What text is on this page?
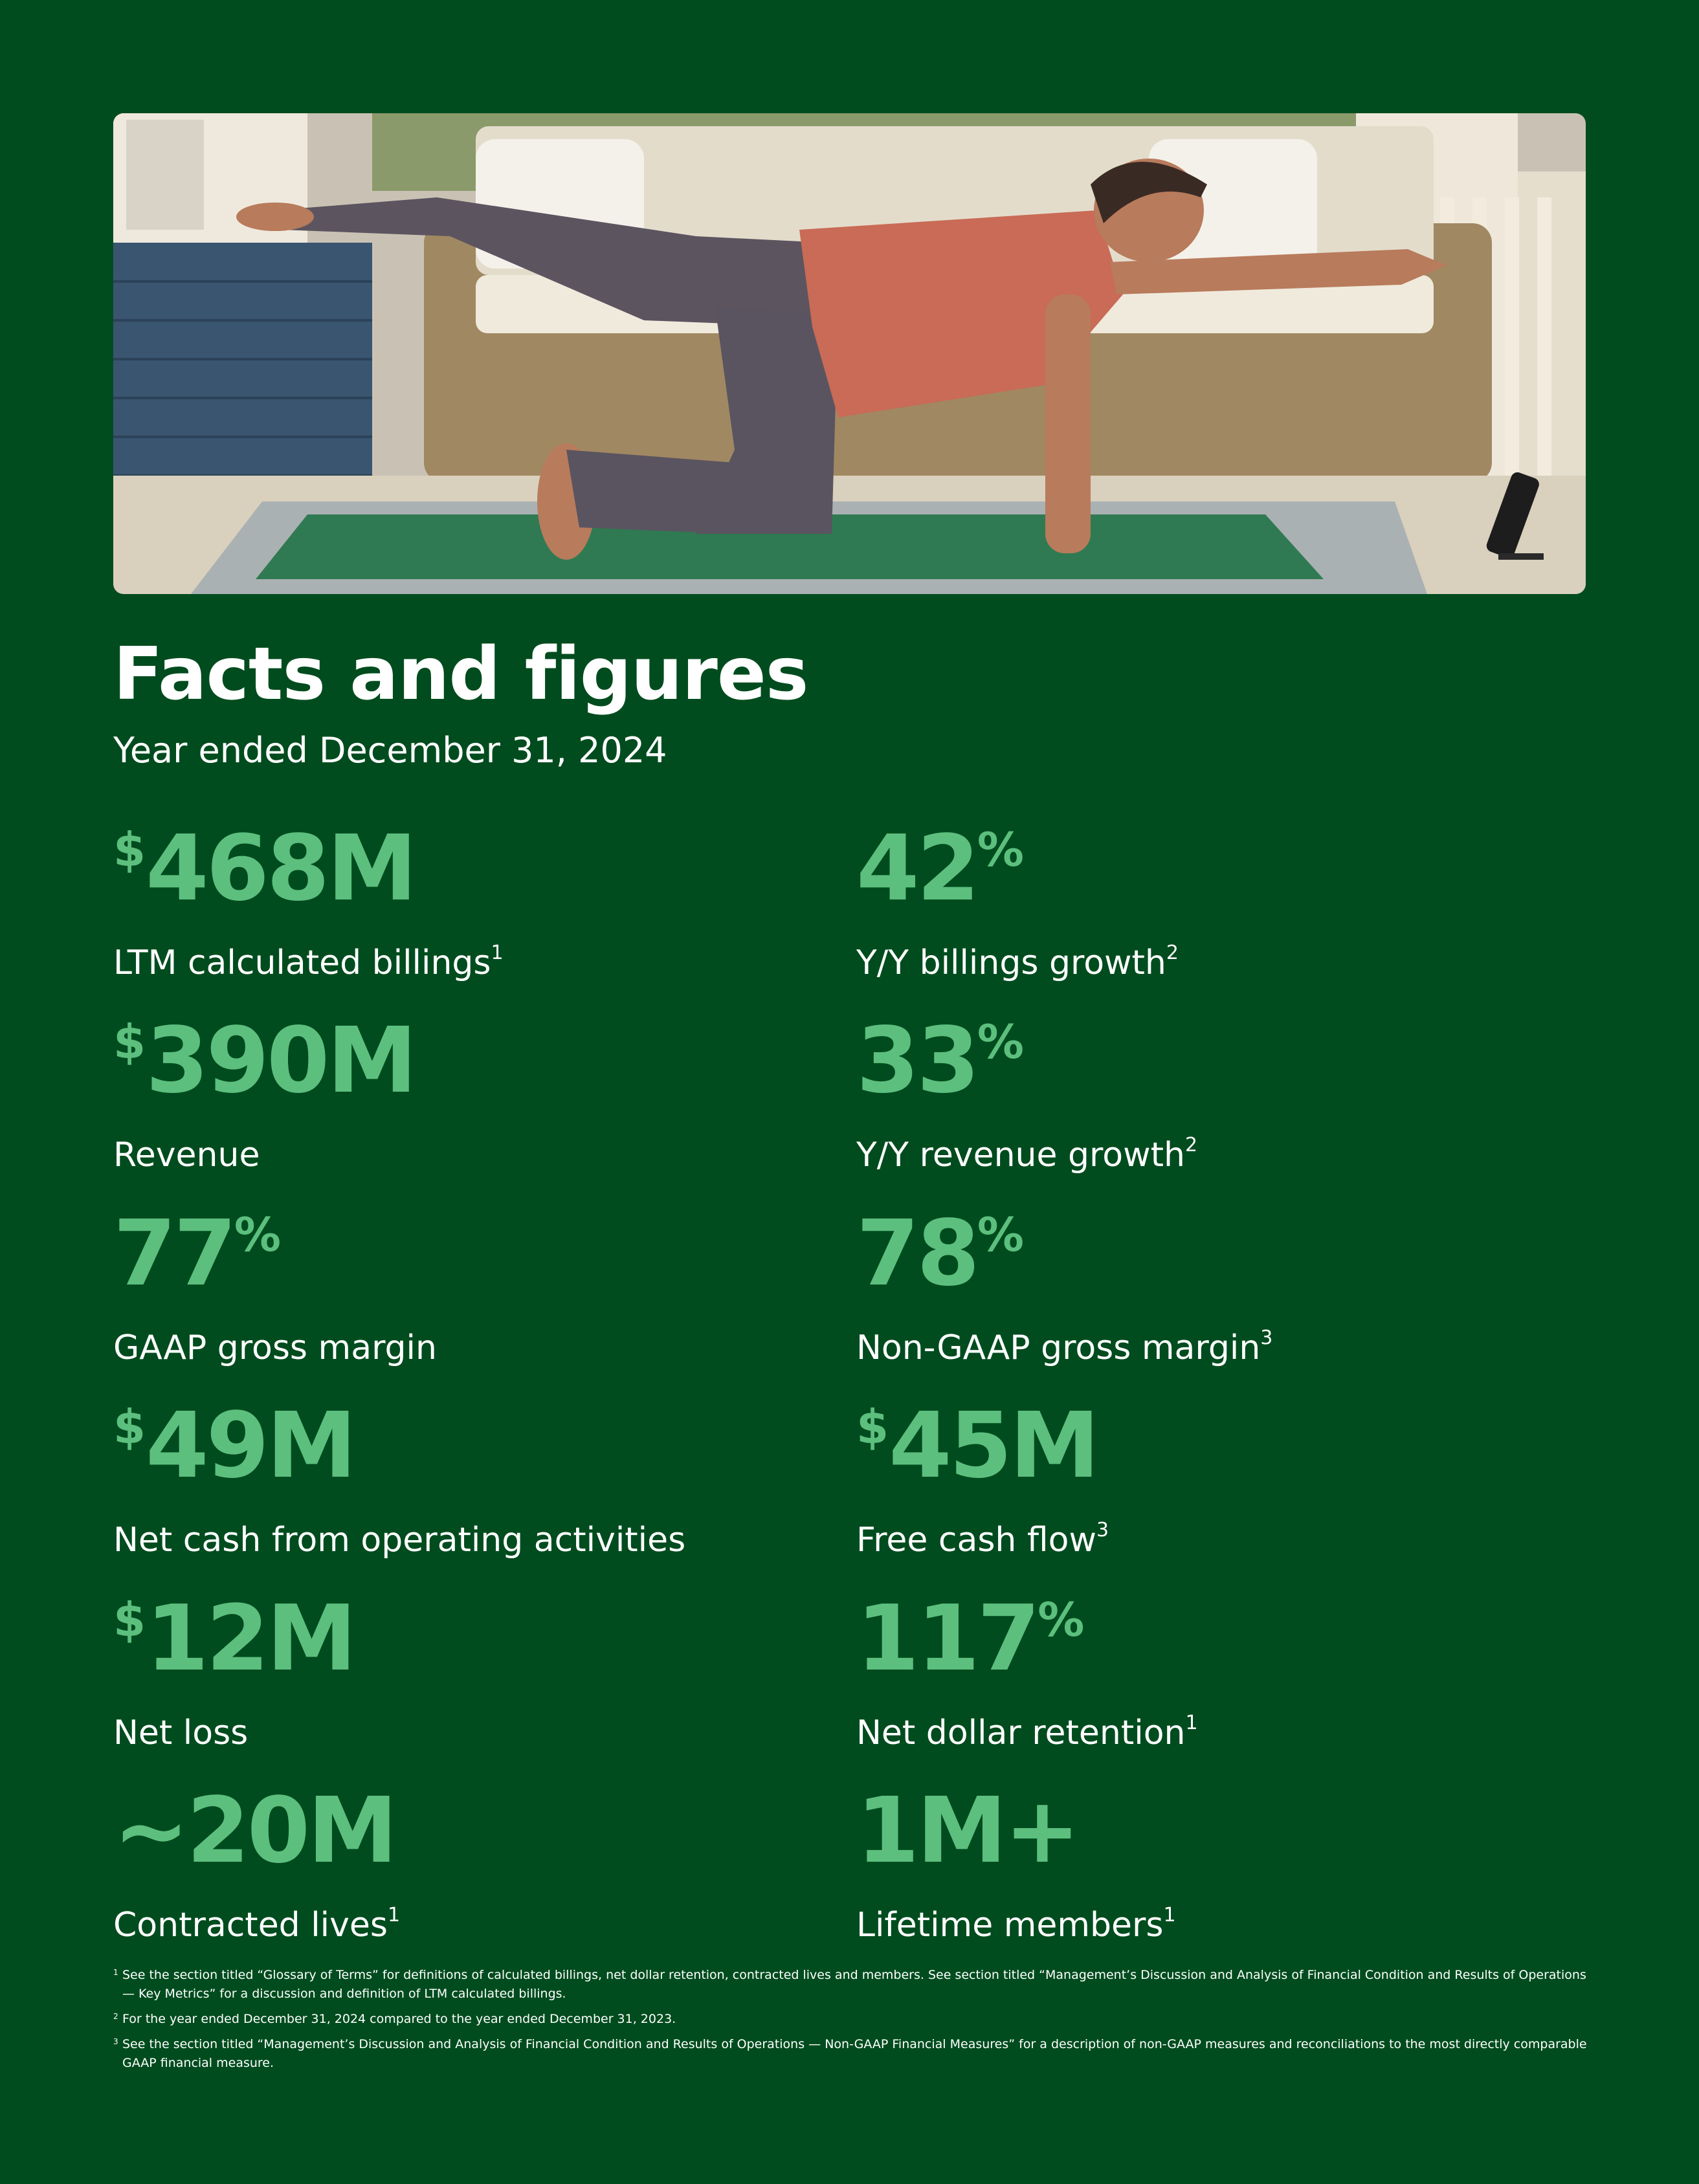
Facts and figures
Year ended December 31, 2024
$468M
LTM calculated billings$^1$
42%
Y/Y billings growth$^2$
$390M
Revenue
33%
Y/Y revenue growth$^2$
77%
GAAP gross margin
78%
Non-GAAP gross margin$^3$
$49M
Net cash from operating activities
$45M
Free cash flow$^3$
$12M
Net loss
117%
Net dollar retention$^1$
~20M
Contracted lives$^1$
1M+
Lifetime members$^1$
1 See the section titled “Glossary of Terms” for definitions of calculated billings, net dollar retention, contracted lives and members. See section titled “Management’s Discussion and Analysis of Financial Condition and Results of Operations — Key Metrics” for a discussion and definition of LTM calculated billings.
2 For the year ended December 31, 2024 compared to the year ended December 31, 2023.
3 See the section titled “Management’s Discussion and Analysis of Financial Condition and Results of Operations — Non-GAAP Financial Measures” for a description of non-GAAP measures and reconciliations to the most directly comparable GAAP financial measure.
